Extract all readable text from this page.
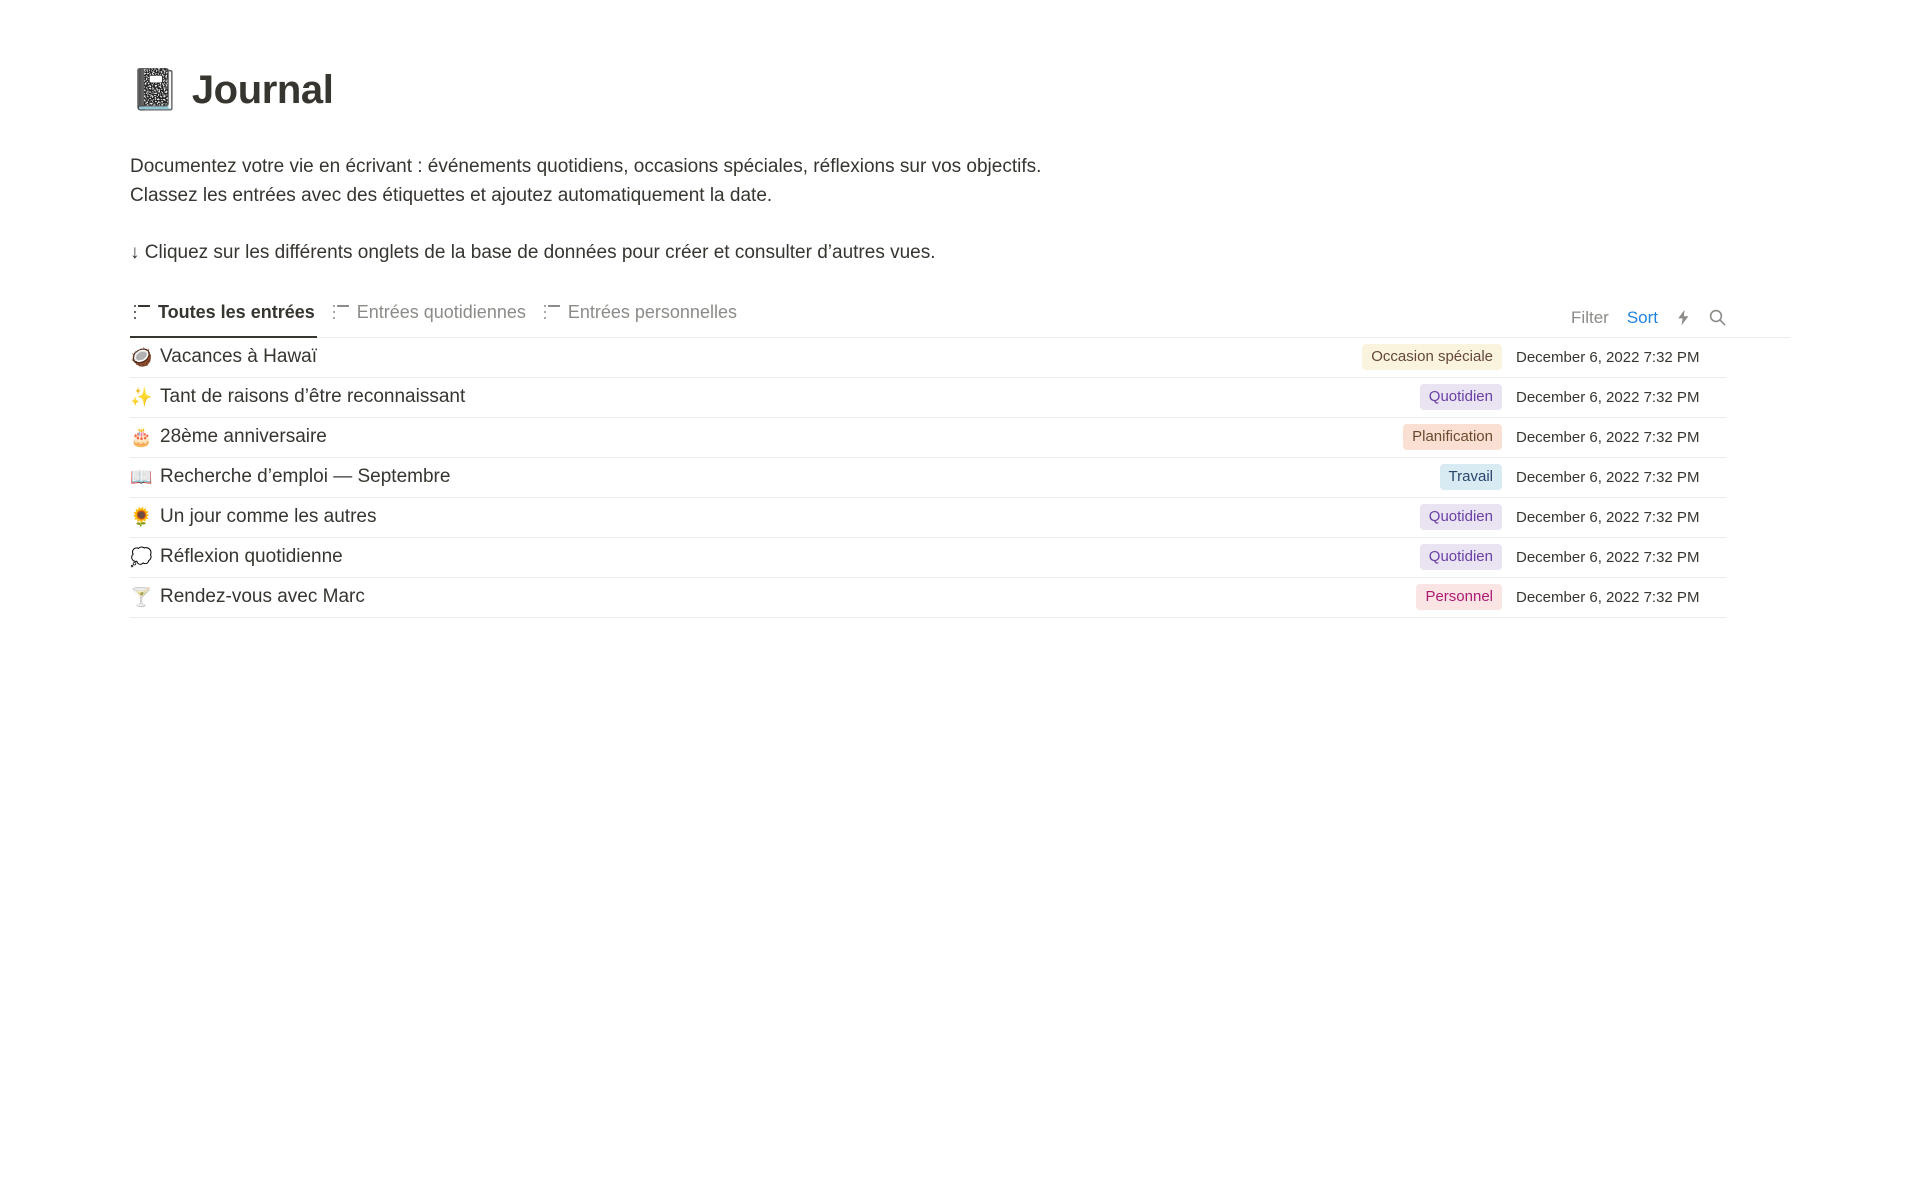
📓 Journal

Documentez votre vie en écrivant : événements quotidiens, occasions spéciales, réflexions sur vos objectifs.

Classez les entrées avec des étiquettes et ajoutez automatiquement la date.

↓ Cliquez sur les différents onglets de la base de données pour créer et consulter d’autres vues.
Toutes les entrées Entrées quotidiennes Entrées personnelles	Filter Sort
🥥 Vacances à Hawaï	Occasion spéciale	December 6, 2022 7:32 PM
✨ Tant de raisons d’être reconnaissant	Quotidien	December 6, 2022 7:32 PM
🎂 28ème anniversaire	Planification	December 6, 2022 7:32 PM
📖 Recherche d’emploi — Septembre	Travail	December 6, 2022 7:32 PM
🌻 Un jour comme les autres	Quotidien	December 6, 2022 7:32 PM
💭 Réflexion quotidienne	Quotidien	December 6, 2022 7:32 PM
🍸 Rendez-vous avec Marc	Personnel	December 6, 2022 7:32 PM
